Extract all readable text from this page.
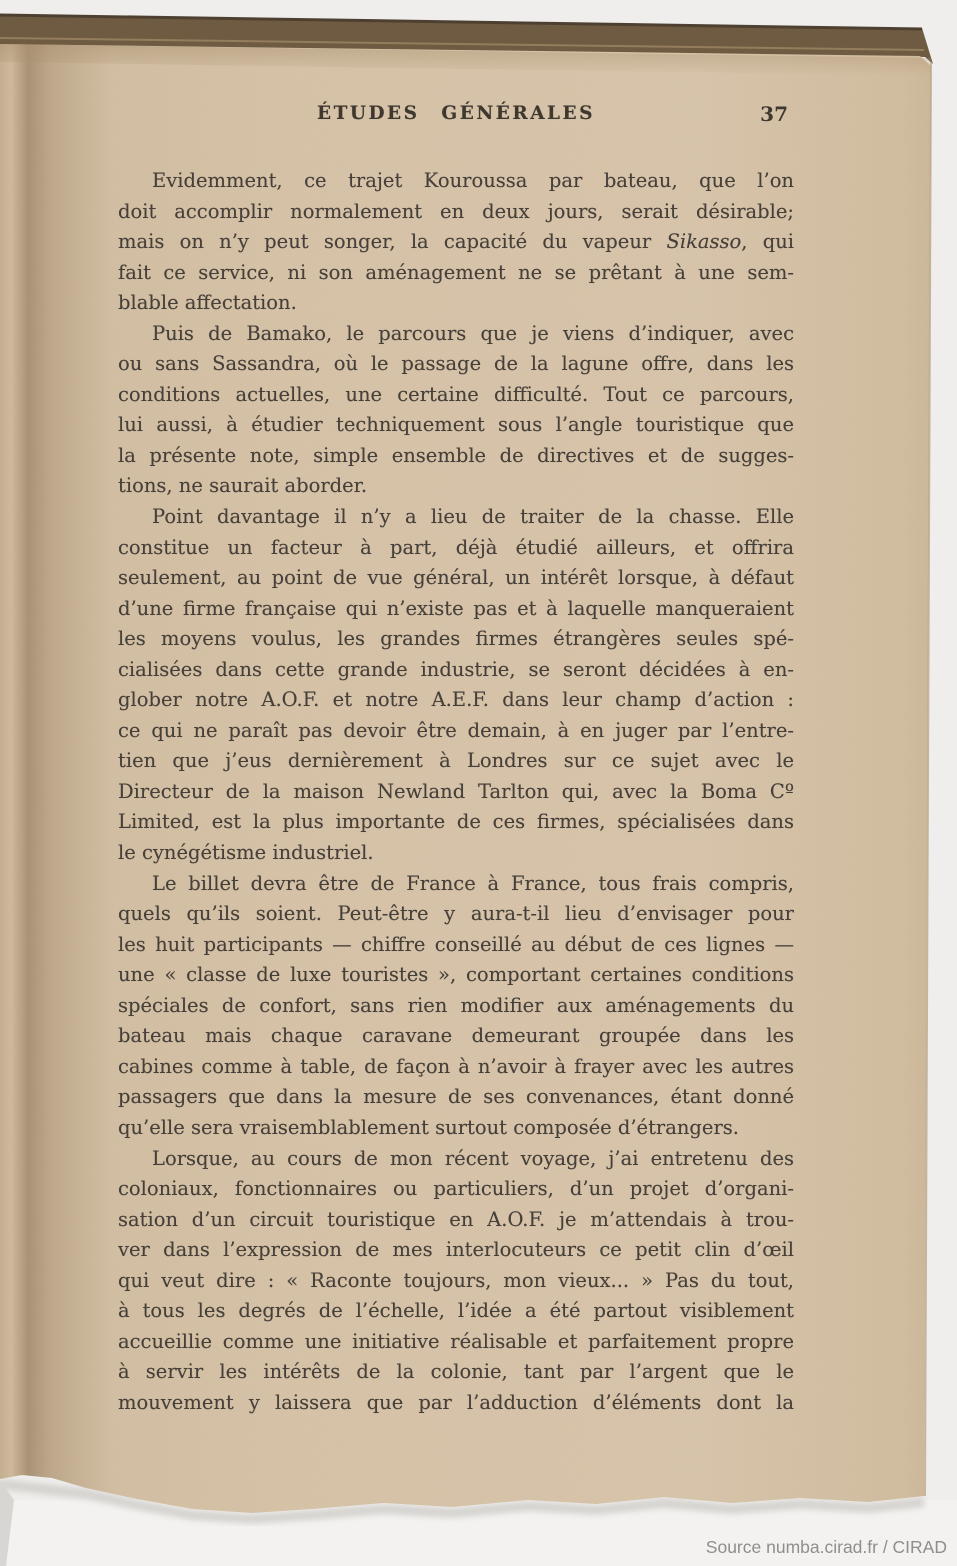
ÉTUDES GÉNÉRALES	37
Evidemment, ce trajet Kouroussa par bateau, que l’on
doit accomplir normalement en deux jours, serait désirable;
mais on n’y peut songer, la capacité du vapeur Sikasso, qui
fait ce service, ni son aménagement ne se prêtant à une sem-
blable affectation.
Puis de Bamako, le parcours que je viens d’indiquer, avec
ou sans Sassandra, où le passage de la lagune offre, dans les
conditions actuelles, une certaine difficulté. Tout ce parcours,
lui aussi, à étudier techniquement sous l’angle touristique que
la présente note, simple ensemble de directives et de sugges-
tions, ne saurait aborder.
Point davantage il n’y a lieu de traiter de la chasse. Elle
constitue un facteur à part, déjà étudié ailleurs, et offrira
seulement, au point de vue général, un intérêt lorsque, à défaut
d’une firme française qui n’existe pas et à laquelle manqueraient
les moyens voulus, les grandes firmes étrangères seules spé-
cialisées dans cette grande industrie, se seront décidées à en-
glober notre A.O.F. et notre A.E.F. dans leur champ d’action :
ce qui ne paraît pas devoir être demain, à en juger par l’entre-
tien que j’eus dernièrement à Londres sur ce sujet avec le
Directeur de la maison Newland Tarlton qui, avec la Boma Cº
Limited, est la plus importante de ces firmes, spécialisées dans
le cynégétisme industriel.
Le billet devra être de France à France, tous frais compris,
quels qu’ils soient. Peut-être y aura-t-il lieu d’envisager pour
les huit participants — chiffre conseillé au début de ces lignes —
une « classe de luxe touristes », comportant certaines conditions
spéciales de confort, sans rien modifier aux aménagements du
bateau mais chaque caravane demeurant groupée dans les
cabines comme à table, de façon à n’avoir à frayer avec les autres
passagers que dans la mesure de ses convenances, étant donné
qu’elle sera vraisemblablement surtout composée d’étrangers.
Lorsque, au cours de mon récent voyage, j’ai entretenu des
coloniaux, fonctionnaires ou particuliers, d’un projet d’organi-
sation d’un circuit touristique en A.O.F. je m’attendais à trou-
ver dans l’expression de mes interlocuteurs ce petit clin d’œil
qui veut dire : « Raconte toujours, mon vieux... » Pas du tout,
à tous les degrés de l’échelle, l’idée a été partout visiblement
accueillie comme une initiative réalisable et parfaitement propre
à servir les intérêts de la colonie, tant par l’argent que le
mouvement y laissera que par l’adduction d’éléments dont la
Source numba.cirad.fr / CIRAD
